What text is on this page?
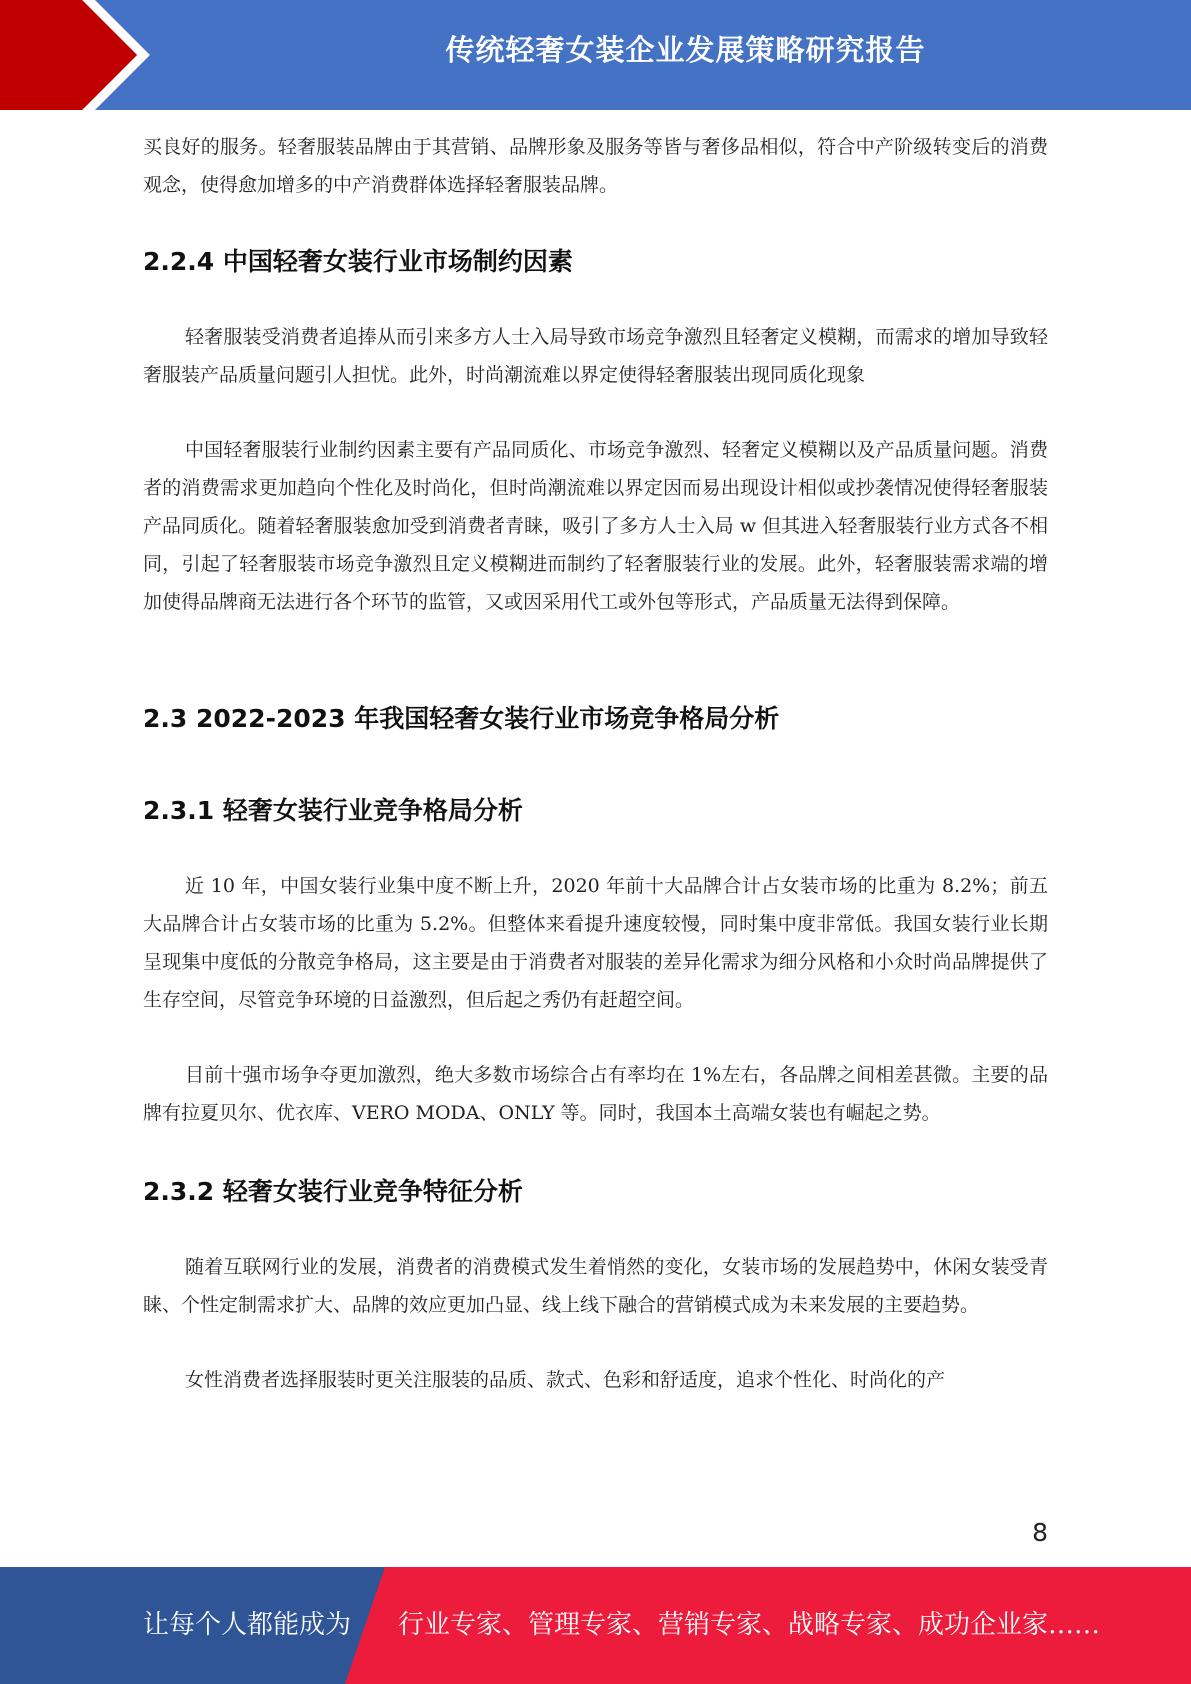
传统轻奢女装企业发展策略研究报告

买良好的服务。轻奢服装品牌由于其营销、品牌形象及服务等皆与奢侈品相似，符合中产阶级转变后的消费观念，使得愈加增多的中产消费群体选择轻奢服装品牌。

2.2.4 中国轻奢女装行业市场制约因素

轻奢服装受消费者追捧从而引来多方人士入局导致市场竞争激烈且轻奢定义模糊，而需求的增加导致轻奢服装产品质量问题引人担忧。此外，时尚潮流难以界定使得轻奢服装出现同质化现象

中国轻奢服装行业制约因素主要有产品同质化、市场竞争激烈、轻奢定义模糊以及产品质量问题。消费者的消费需求更加趋向个性化及时尚化，但时尚潮流难以界定因而易出现设计相似或抄袭情况使得轻奢服装产品同质化。随着轻奢服装愈加受到消费者青睐，吸引了多方人士入局 w 但其进入轻奢服装行业方式各不相同，引起了轻奢服装市场竞争激烈且定义模糊进而制约了轻奢服装行业的发展。此外，轻奢服装需求端的增加使得品牌商无法进行各个环节的监管，又或因采用代工或外包等形式，产品质量无法得到保障。

2.3 2022-2023 年我国轻奢女装行业市场竞争格局分析
2.3.1 轻奢女装行业竞争格局分析

近 10 年，中国女装行业集中度不断上升，2020 年前十大品牌合计占女装市场的比重为 8.2%；前五大品牌合计占女装市场的比重为 5.2%。但整体来看提升速度较慢，同时集中度非常低。我国女装行业长期呈现集中度低的分散竞争格局，这主要是由于消费者对服装的差异化需求为细分风格和小众时尚品牌提供了生存空间，尽管竞争环境的日益激烈，但后起之秀仍有赶超空间。

目前十强市场争夺更加激烈，绝大多数市场综合占有率均在 1%左右，各品牌之间相差甚微。主要的品牌有拉夏贝尔、优衣库、VERO MODA、ONLY 等。同时，我国本土高端女装也有崛起之势。

2.3.2 轻奢女装行业竞争特征分析

随着互联网行业的发展，消费者的消费模式发生着悄然的变化，女装市场的发展趋势中，休闲女装受青睐、个性定制需求扩大、品牌的效应更加凸显、线上线下融合的营销模式成为未来发展的主要趋势。

女性消费者选择服装时更关注服装的品质、款式、色彩和舒适度，追求个性化、时尚化的产

8
让每个人都能成为 行业专家、管理专家、营销专家、战略专家、成功企业家……
